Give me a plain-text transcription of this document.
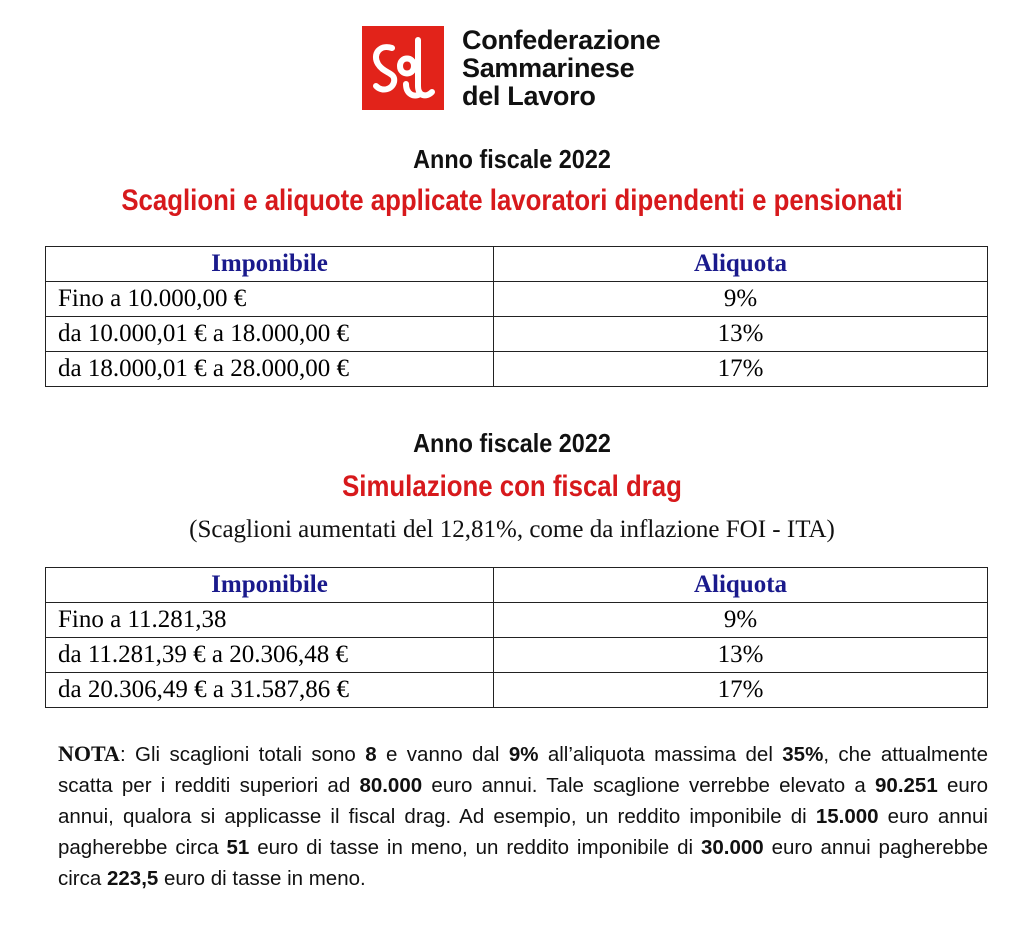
Confederazione
Sammarinese
del Lavoro
Anno fiscale 2022
Scaglioni e aliquote applicate lavoratori dipendenti e pensionati
Imponibile	Aliquota
Fino a 10.000,00 €	9%
da 10.000,01 € a 18.000,00 €	13%
da 18.000,01 € a 28.000,00 €	17%
Anno fiscale 2022
Simulazione con fiscal drag
(Scaglioni aumentati del 12,81%, come da inflazione FOI - ITA)
Imponibile	Aliquota
Fino a 11.281,38	9%
da 11.281,39 € a 20.306,48 €	13%
da 20.306,49 € a 31.587,86 €	17%
NOTA: Gli scaglioni totali sono 8 e vanno dal 9% all’aliquota massima del 35%, che attualmente scatta per i redditi superiori ad 80.000 euro annui. Tale scaglione verrebbe elevato a 90.251 euro annui, qualora si applicasse il fiscal drag. Ad esempio, un reddito imponibile di 15.000 euro annui pagherebbe circa 51 euro di tasse in meno, un reddito imponibile di 30.000 euro annui pagherebbe circa 223,5 euro di tasse in meno.
